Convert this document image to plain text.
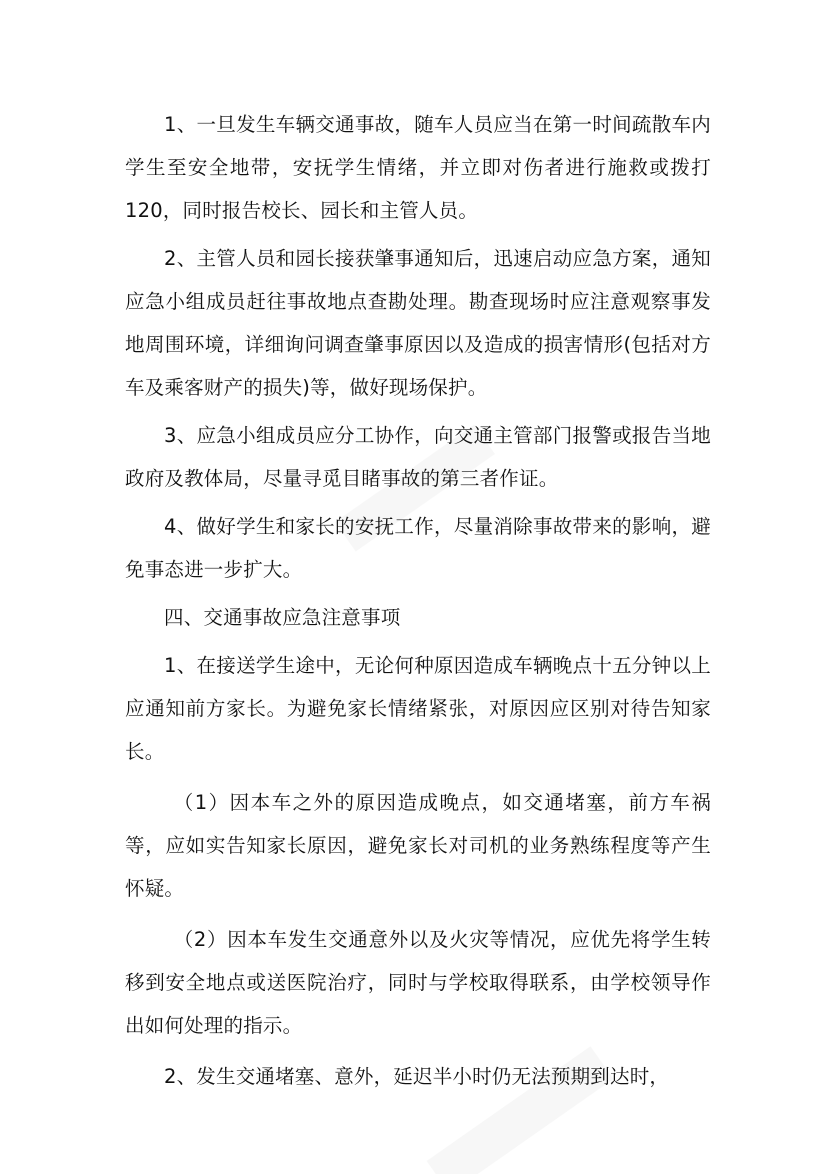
1、一旦发生车辆交通事故，随车人员应当在第一时间疏散车内学生至安全地带，安抚学生情绪，并立即对伤者进行施救或拨打 120，同时报告校长、园长和主管人员。

2、主管人员和园长接获肇事通知后，迅速启动应急方案，通知应急小组成员赶往事故地点查勘处理。勘查现场时应注意观察事发地周围环境，详细询问调查肇事原因以及造成的损害情形(包括对方车及乘客财产的损失)等，做好现场保护。

3、应急小组成员应分工协作，向交通主管部门报警或报告当地政府及教体局，尽量寻觅目睹事故的第三者作证。

4、做好学生和家长的安抚工作，尽量消除事故带来的影响，避免事态进一步扩大。

四、交通事故应急注意事项

1、在接送学生途中，无论何种原因造成车辆晚点十五分钟以上应通知前方家长。为避免家长情绪紧张，对原因应区别对待告知家长。

（1）因本车之外的原因造成晚点，如交通堵塞，前方车祸等，应如实告知家长原因，避免家长对司机的业务熟练程度等产生怀疑。

（2）因本车发生交通意外以及火灾等情况，应优先将学生转移到安全地点或送医院治疗，同时与学校取得联系，由学校领导作出如何处理的指示。

2、发生交通堵塞、意外，延迟半小时仍无法预期到达时，
